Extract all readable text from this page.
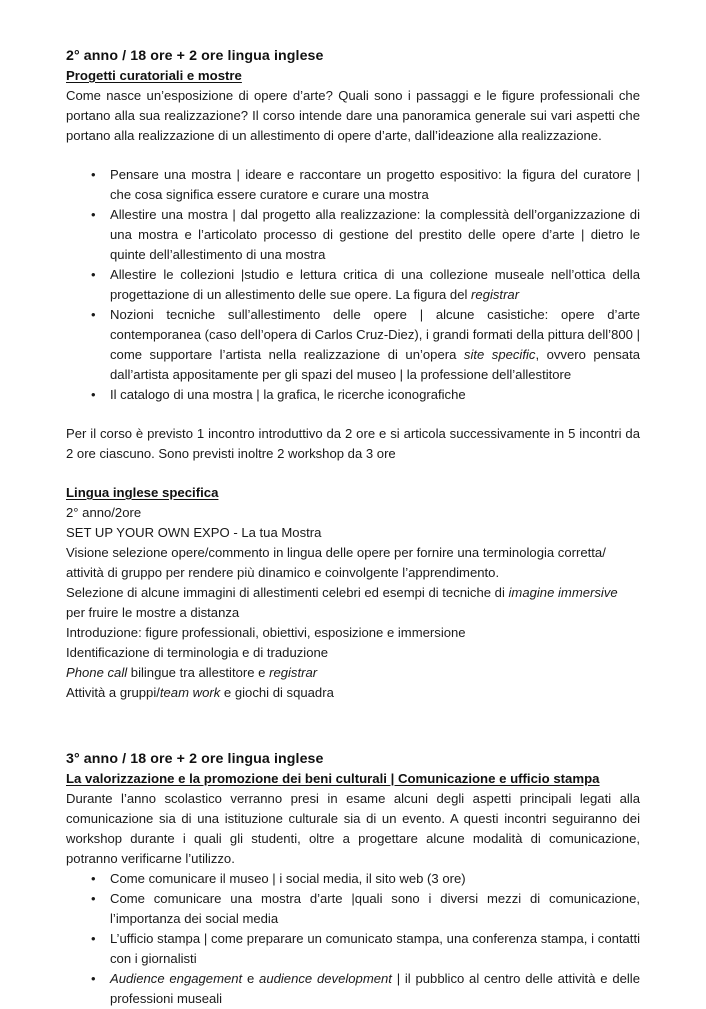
2° anno / 18 ore + 2 ore lingua inglese
Progetti curatoriali e mostre

Come nasce un’esposizione di opere d’arte? Quali sono i passaggi e le figure professionali che portano alla sua realizzazione? Il corso intende dare una panoramica generale sui vari aspetti che portano alla realizzazione di un allestimento di opere d’arte, dall’ideazione alla realizzazione.

• Pensare una mostra | ideare e raccontare un progetto espositivo: la figura del curatore | che cosa significa essere curatore e curare una mostra
• Allestire una mostra | dal progetto alla realizzazione: la complessità dell’organizzazione di una mostra e l’articolato processo di gestione del prestito delle opere d’arte | dietro le quinte dell’allestimento di una mostra
• Allestire le collezioni |studio e lettura critica di una collezione museale nell’ottica della progettazione di un allestimento delle sue opere. La figura del registrar
• Nozioni tecniche sull’allestimento delle opere | alcune casistiche: opere d’arte contemporanea (caso dell’opera di Carlos Cruz-Diez), i grandi formati della pittura dell’800 | come supportare l’artista nella realizzazione di un’opera site specific, ovvero pensata dall’artista appositamente per gli spazi del museo | la professione dell’allestitore
• Il catalogo di una mostra | la grafica, le ricerche iconografiche

Per il corso è previsto 1 incontro introduttivo da 2 ore e si articola successivamente in 5 incontri da 2 ore ciascuno. Sono previsti inoltre 2 workshop da 3 ore

Lingua inglese specifica
2° anno/2ore
SET UP YOUR OWN EXPO - La tua Mostra
Visione selezione opere/commento in lingua delle opere per fornire una terminologia corretta/ attività di gruppo per rendere più dinamico e coinvolgente l’apprendimento.
Selezione di alcune immagini di allestimenti celebri ed esempi di tecniche di imagine immersive per fruire le mostre a distanza
Introduzione: figure professionali, obiettivi, esposizione e immersione
Identificazione di terminologia e di traduzione
Phone call bilingue tra allestitore e registrar
Attività a gruppi/team work e giochi di squadra
3° anno / 18 ore + 2 ore lingua inglese
La valorizzazione e la promozione dei beni culturali | Comunicazione e ufficio stampa

Durante l’anno scolastico verranno presi in esame alcuni degli aspetti principali legati alla comunicazione sia di una istituzione culturale sia di un evento. A questi incontri seguiranno dei workshop durante i quali gli studenti, oltre a progettare alcune modalità di comunicazione, potranno verificarne l’utilizzo.

• Come comunicare il museo | i social media, il sito web (3 ore)
• Come comunicare una mostra d’arte |quali sono i diversi mezzi di comunicazione, l’importanza dei social media
• L’ufficio stampa | come preparare un comunicato stampa, una conferenza stampa, i contatti con i giornalisti
• Audience engagement e audience development | il pubblico al centro delle attività e delle professioni museali
